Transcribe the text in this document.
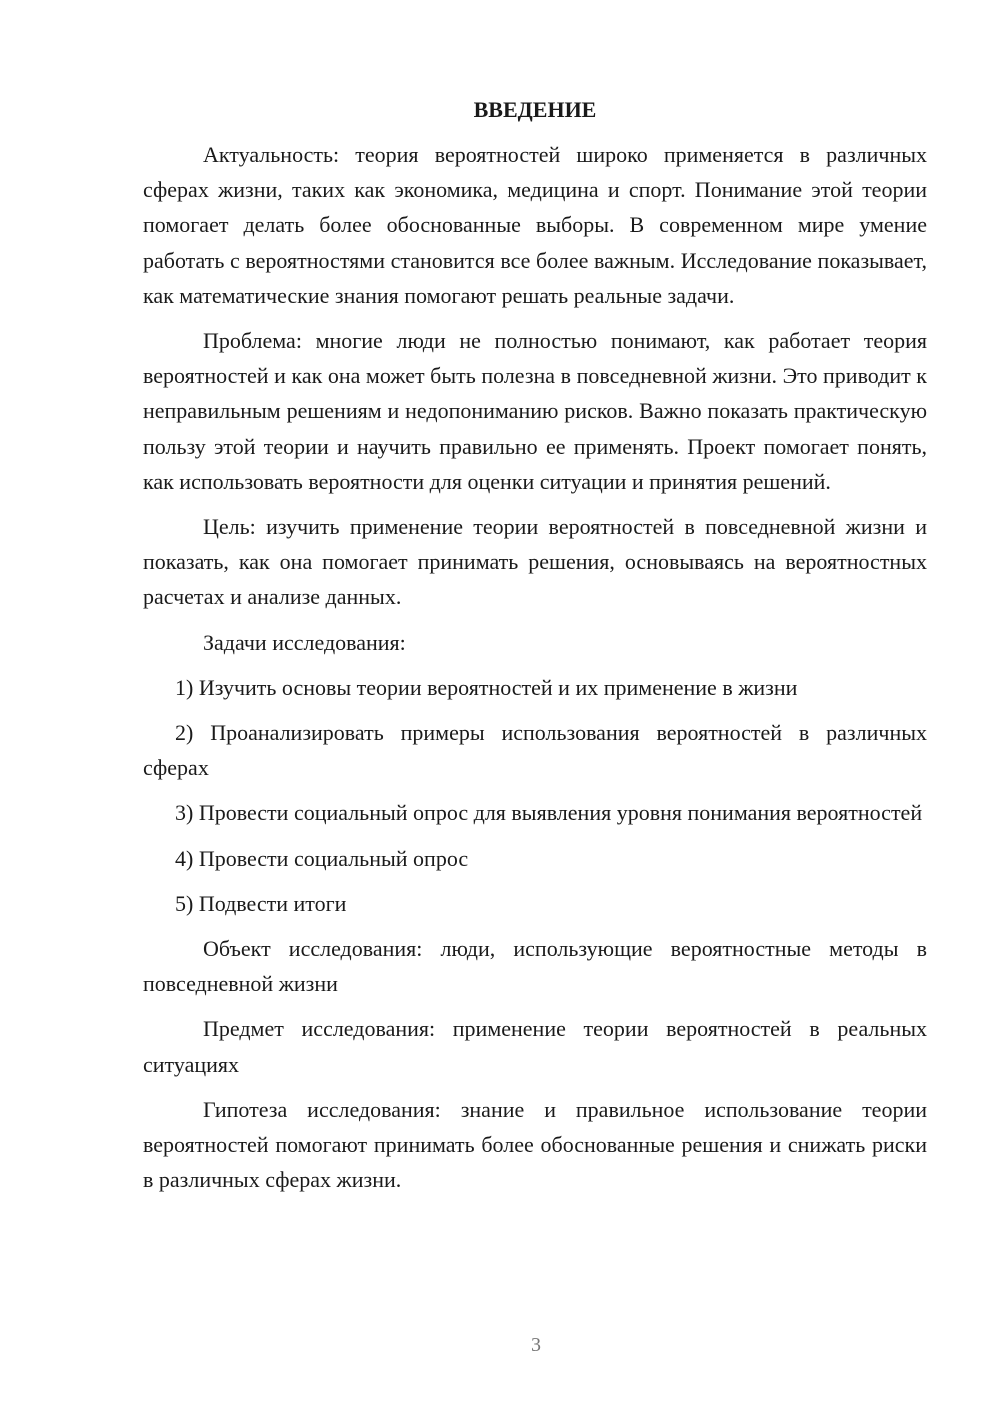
ВВЕДЕНИЕ

Актуальность: теория вероятностей широко применяется в различных сферах жизни, таких как экономика, медицина и спорт. Понимание этой теории помогает делать более обоснованные выборы. В современном мире умение работать с вероятностями становится все более важным. Исследование показывает, как математические знания помогают решать реальные задачи.

Проблема: многие люди не полностью понимают, как работает теория вероятностей и как она может быть полезна в повседневной жизни. Это приводит к неправильным решениям и недопониманию рисков. Важно показать практическую пользу этой теории и научить правильно ее применять. Проект помогает понять, как использовать вероятности для оценки ситуации и принятия решений.

Цель: изучить применение теории вероятностей в повседневной жизни и показать, как она помогает принимать решения, основываясь на вероятностных расчетах и анализе данных.

Задачи исследования:

1) Изучить основы теории вероятностей и их применение в жизни

2) Проанализировать примеры использования вероятностей в различных сферах

3) Провести социальный опрос для выявления уровня понимания вероятностей

4) Провести социальный опрос

5) Подвести итоги

Объект исследования: люди, использующие вероятностные методы в повседневной жизни

Предмет исследования: применение теории вероятностей в реальных ситуациях

Гипотеза исследования: знание и правильное использование теории вероятностей помогают принимать более обоснованные решения и снижать риски в различных сферах жизни.

3
